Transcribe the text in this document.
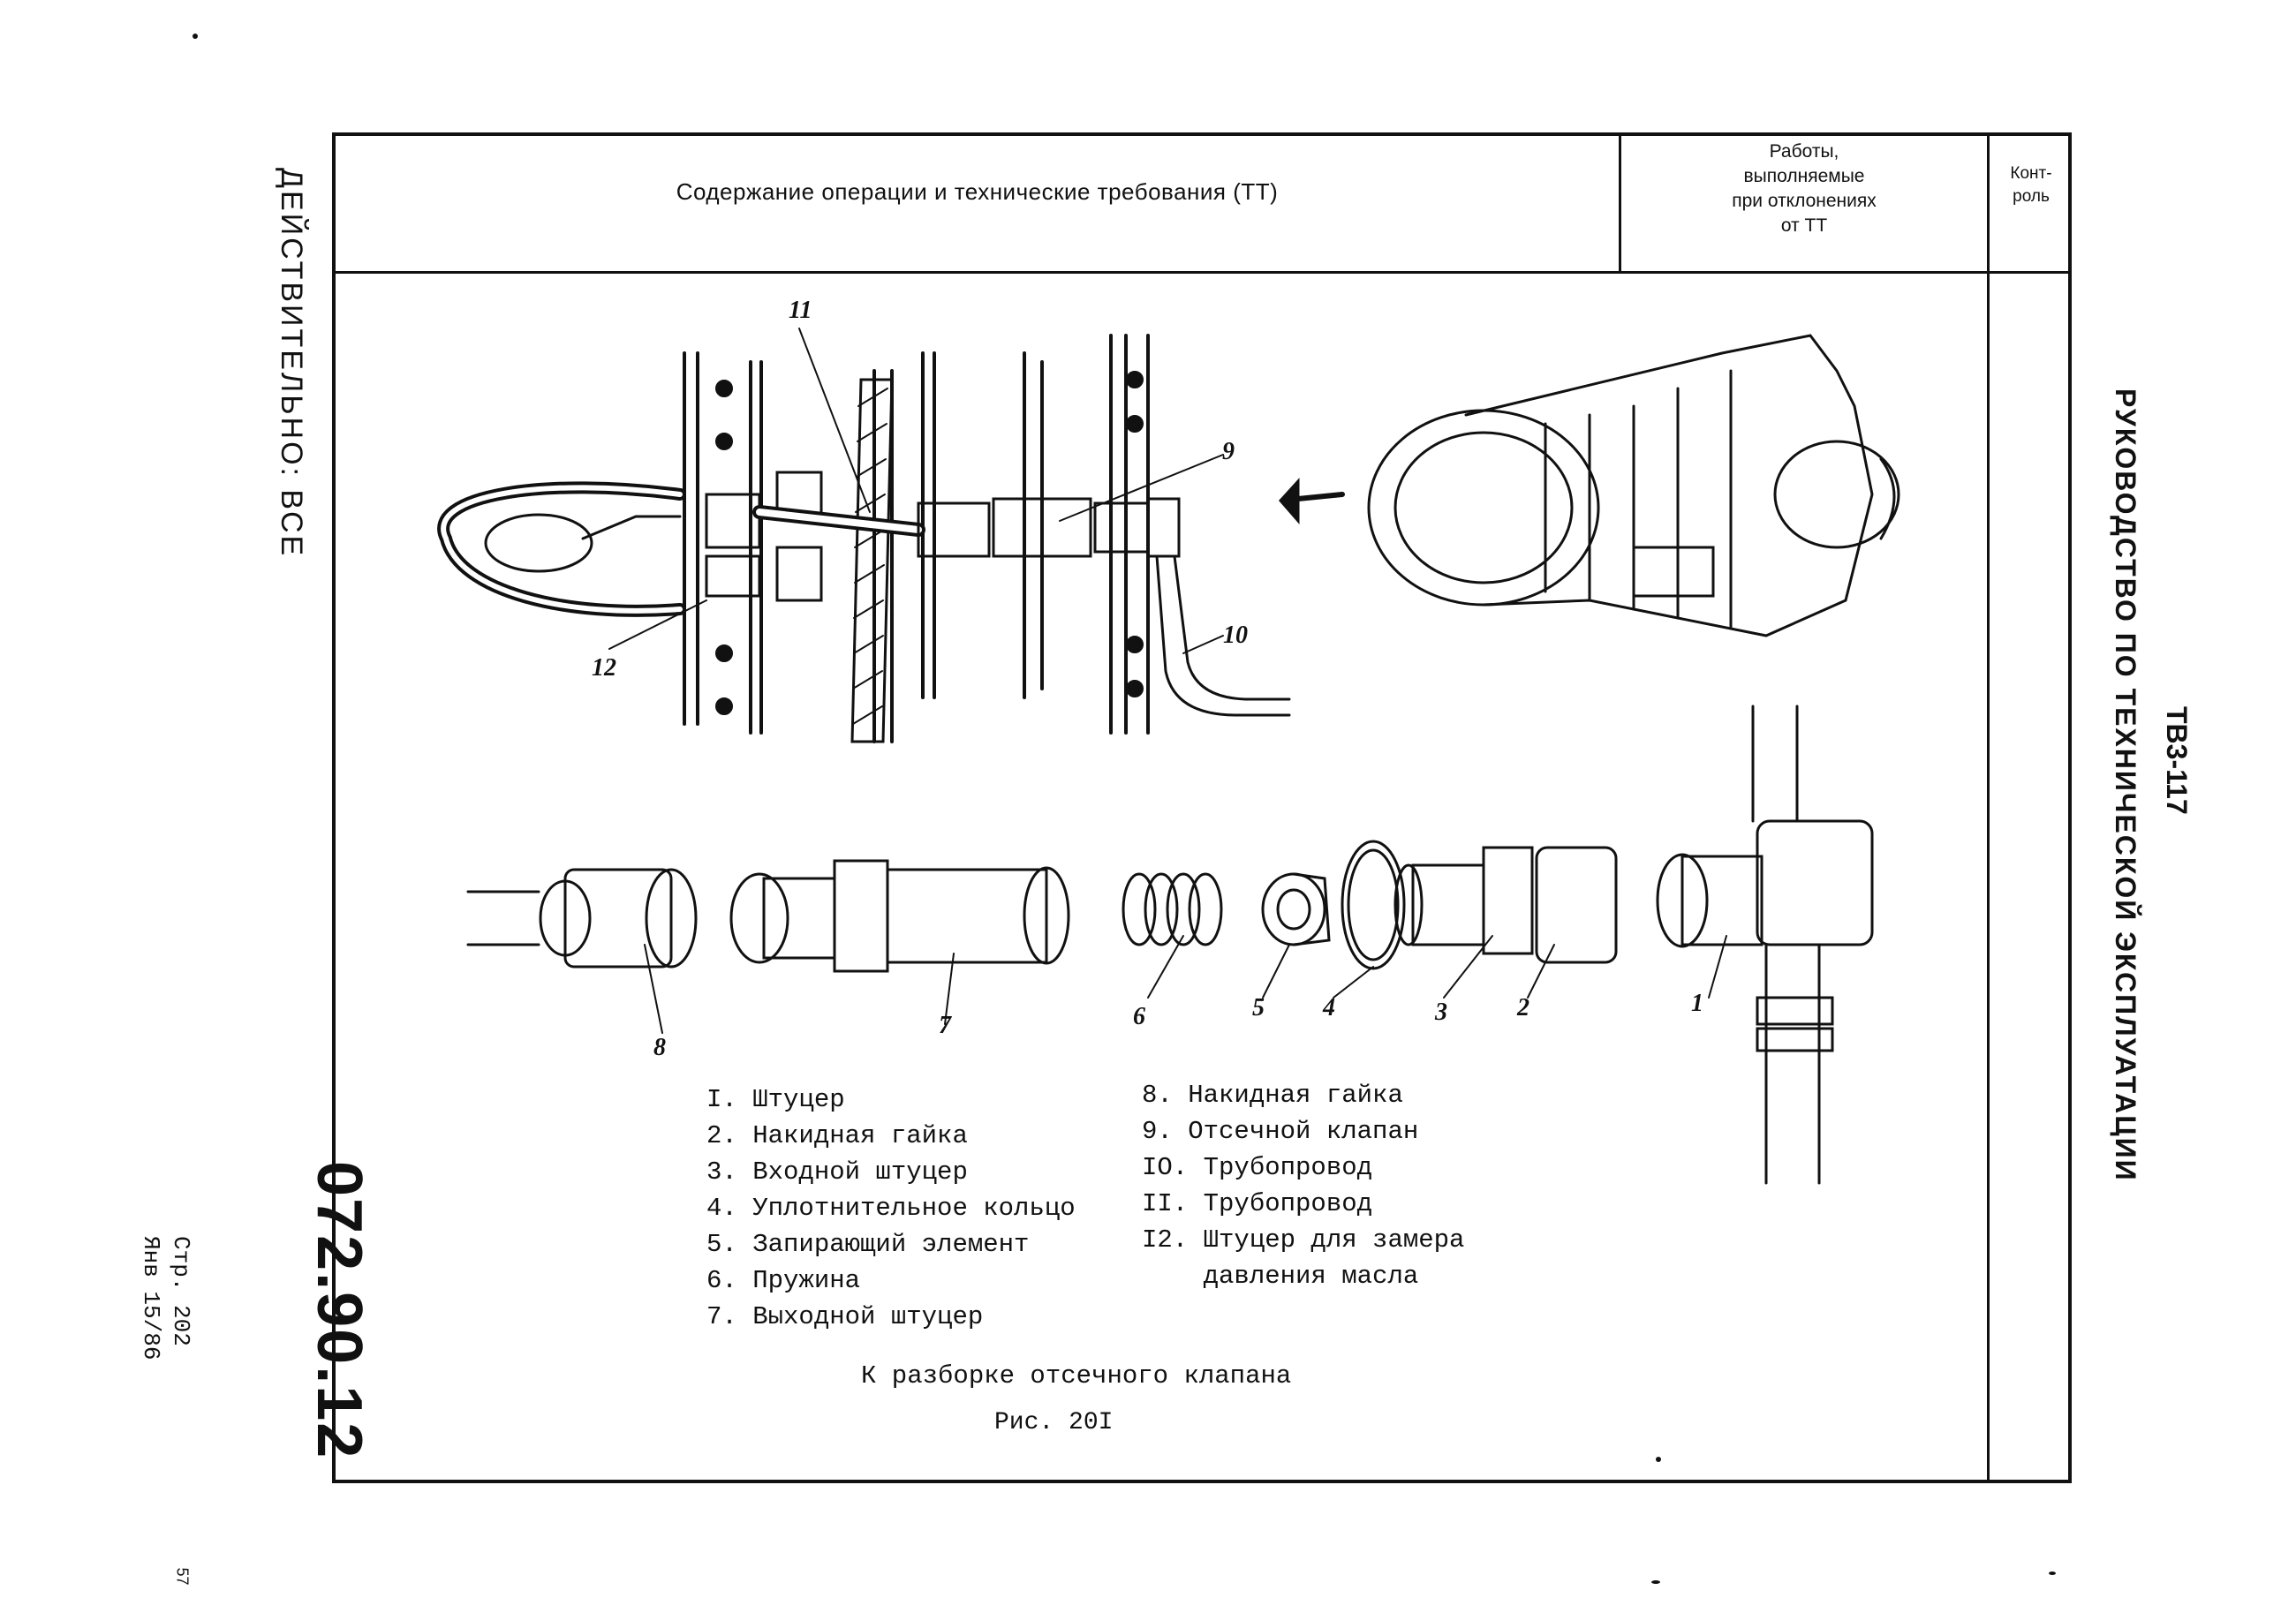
ДЕЙСТВИТЕЛЬНО: ВСЕ
072.90.12
Стр. 202
Янв 15/86
57
РУКОВОДСТВО ПО ТЕХНИЧЕСКОЙ ЭКСПЛУАТАЦИИ ТВ3-117
Содержание операции и технические требования (ТТ)
Работы,
выполняемые
при отклонениях
от ТТ
Конт-
роль
11
9
10
12
8
7	6	5 4	3	2	1
I. Штуцер
2. Накидная гайка
3. Входной штуцер
4. Уплотнительное кольцо
5. Запирающий элемент
6. Пружина
7. Выходной штуцер
8. Накидная гайка
9. Отсечной клапан
IO. Трубопровод
II. Трубопровод
I2. Штуцер для замера
давления масла
К разборке отсечного клапана
Рис. 20I
